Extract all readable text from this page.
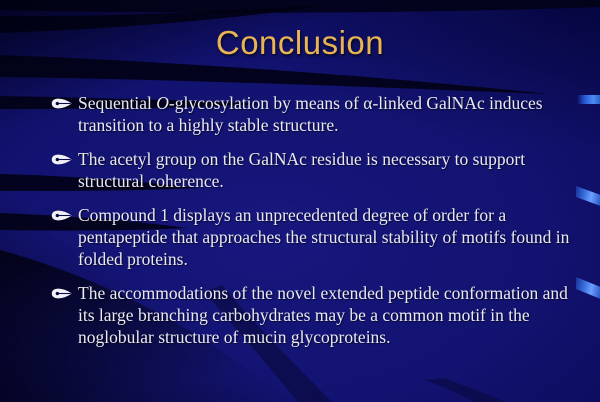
Conclusion
Sequential O-glycosylation by means of α-linked GalNAc induces transition to a highly stable structure.
The acetyl group on the GalNAc residue is necessary to support structural coherence.
Compound 1 displays an unprecedented degree of order for a pentapeptide that approaches the structural stability of motifs found in folded proteins.
The accommodations of the novel extended peptide conformation and its large branching carbohydrates may be a common motif in the noglobular structure of mucin glycoproteins.
